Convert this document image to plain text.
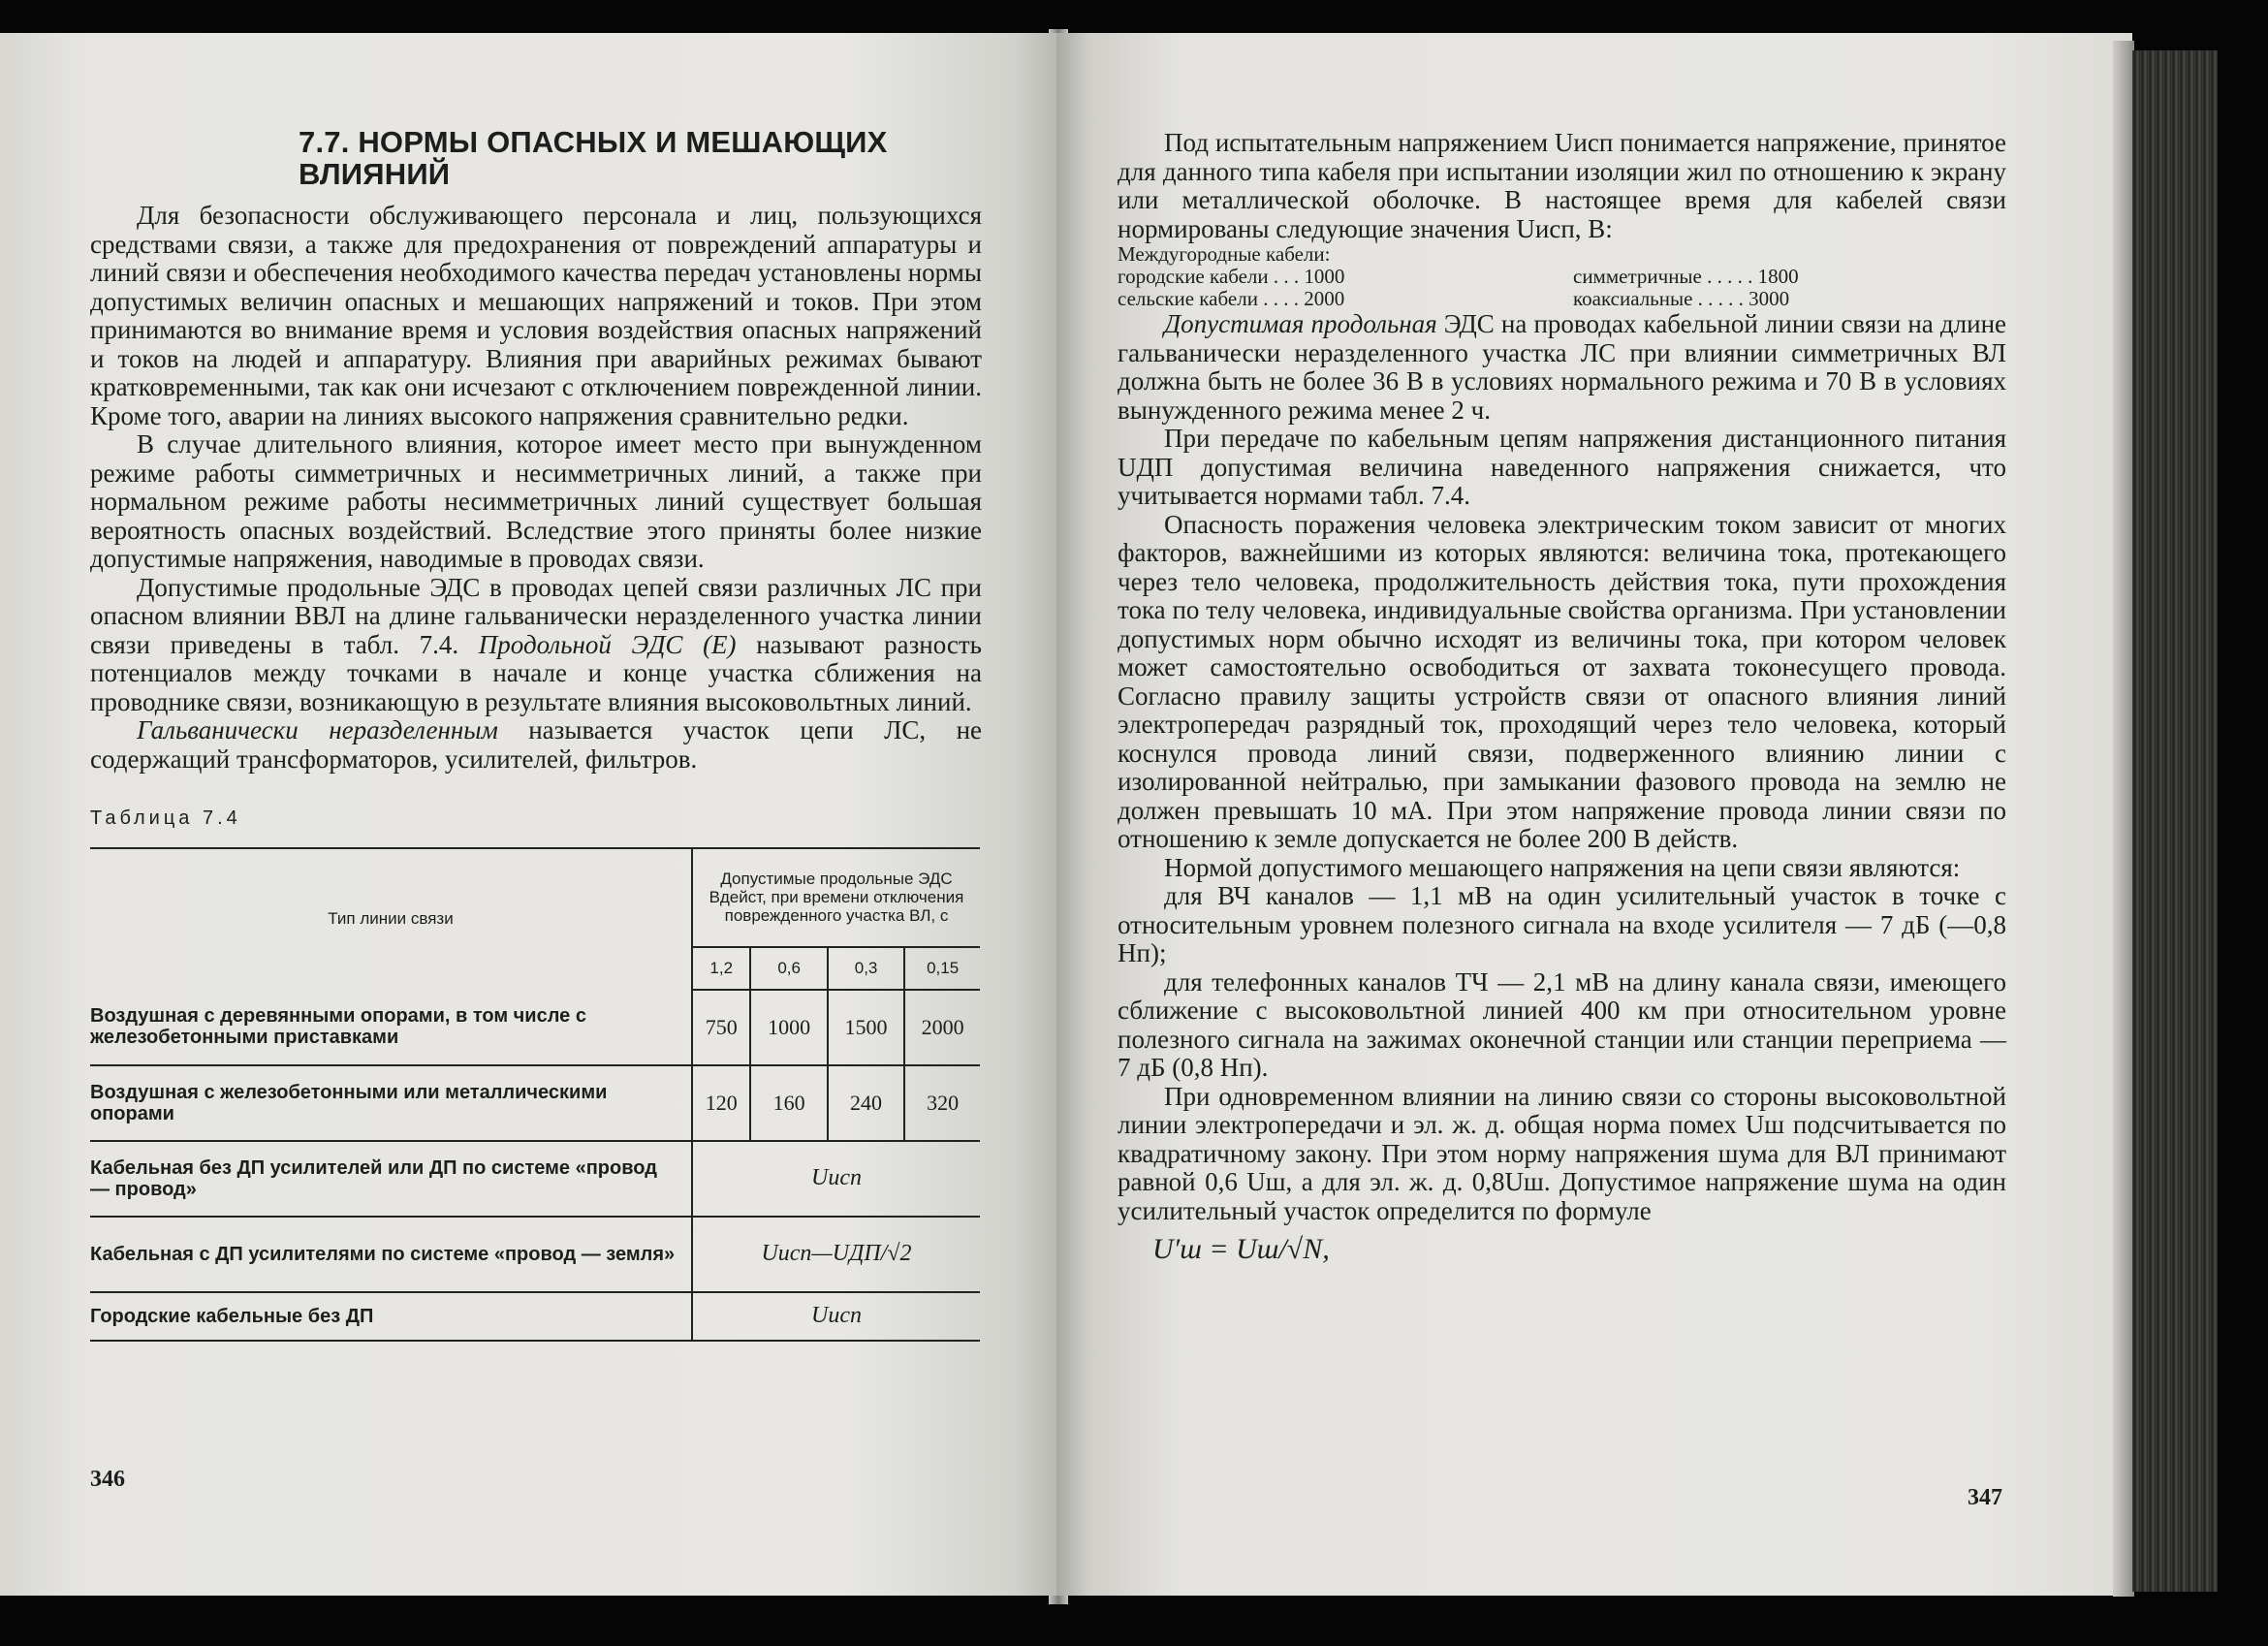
7.7. НОРМЫ ОПАСНЫХ И МЕШАЮЩИХ ВЛИЯНИЙ

Для безопасности обслуживающего персонала и лиц, пользующихся средствами связи, а также для предохранения от повреждений аппаратуры и линий связи и обеспечения необходимого качества передач установлены нормы допустимых величин опасных и мешающих напряжений и токов. При этом принимаются во внимание время и условия воздействия опасных напряжений и токов на людей и аппаратуру. Влияния при аварийных режимах бывают кратковременными, так как они исчезают с отключением поврежденной линии. Кроме того, аварии на линиях высокого напряжения сравнительно редки.

В случае длительного влияния, которое имеет место при вынужденном режиме работы симметричных и несимметричных линий, а также при нормальном режиме работы несимметричных линий существует большая вероятность опасных воздействий. Вследствие этого приняты более низкие допустимые напряжения, наводимые в проводах связи.

Допустимые продольные ЭДС в проводах цепей связи различных ЛС при опасном влиянии ВВЛ на длине гальванически неразделенного участка линии связи приведены в табл. 7.4. Продольной ЭДС (Е) называют разность потенциалов между точками в начале и конце участка сближения на проводнике связи, возникающую в результате влияния высоковольтных линий.

Гальванически неразделенным называется участок цепи ЛС, не содержащий трансформаторов, усилителей, фильтров.

Таблица 7.4
Тип линии связи	Допустимые продольные ЭДС Вдейст, при времени отключения поврежденного участка ВЛ, с			
	1,2	0,6	0,3	0,15
Воздушная с деревянными опорами, в том числе с железобетонными приставками	750	1000	1500	2000
Воздушная с железобетонными или металлическими опорами	120	160	240	320
Кабельная без ДП усилителей или ДП по системе «провод — провод»	Uисп			
Кабельная с ДП усилителями по системе «провод — земля»	Uисп—UДП/√2			
Городские кабельные без ДП	Uисп			
346

Под испытательным напряжением Uисп понимается напряжение, принятое для данного типа кабеля при испытании изоляции жил по отношению к экрану или металлической оболочке. В настоящее время для кабелей связи нормированы следующие значения Uисп, В:

Междугородные кабели:

городские кабели . . . 1000	симметричные . . . . . 1800
сельские кабели . . . . 2000	коаксиальные . . . . . 3000

Допустимая продольная ЭДС на проводах кабельной линии связи на длине гальванически неразделенного участка ЛС при влиянии симметричных ВЛ должна быть не более 36 В в условиях нормального режима и 70 В в условиях вынужденного режима менее 2 ч.

При передаче по кабельным цепям напряжения дистанционного питания UДП допустимая величина наведенного напряжения снижается, что учитывается нормами табл. 7.4.

Опасность поражения человека электрическим током зависит от многих факторов, важнейшими из которых являются: величина тока, протекающего через тело человека, продолжительность действия тока, пути прохождения тока по телу человека, индивидуальные свойства организма. При установлении допустимых норм обычно исходят из величины тока, при котором человек может самостоятельно освободиться от захвата токонесущего провода. Согласно правилу защиты устройств связи от опасного влияния линий электропередач разрядный ток, проходящий через тело человека, который коснулся провода линий связи, подверженного влиянию линии с изолированной нейтралью, при замыкании фазового провода на землю не должен превышать 10 мА. При этом напряжение провода линии связи по отношению к земле допускается не более 200 В действ.

Нормой допустимого мешающего напряжения на цепи связи являются:

для ВЧ каналов — 1,1 мВ на один усилительный участок в точке с относительным уровнем полезного сигнала на входе усилителя — 7 дБ (—0,8 Нп);

для телефонных каналов ТЧ — 2,1 мВ на длину канала связи, имеющего сближение с высоковольтной линией 400 км при относительном уровне полезного сигнала на зажимах оконечной станции или станции переприема — 7 дБ (0,8 Нп).

При одновременном влиянии на линию связи со стороны высоковольтной линии электропередачи и эл. ж. д. общая норма помех Uш подсчитывается по квадратичному закону. При этом норму напряжения шума для ВЛ принимают равной 0,6 Uш, а для эл. ж. д. 0,8Uш. Допустимое напряжение шума на один усилительный участок определится по формуле

U′ш = Uш/√N,
347
